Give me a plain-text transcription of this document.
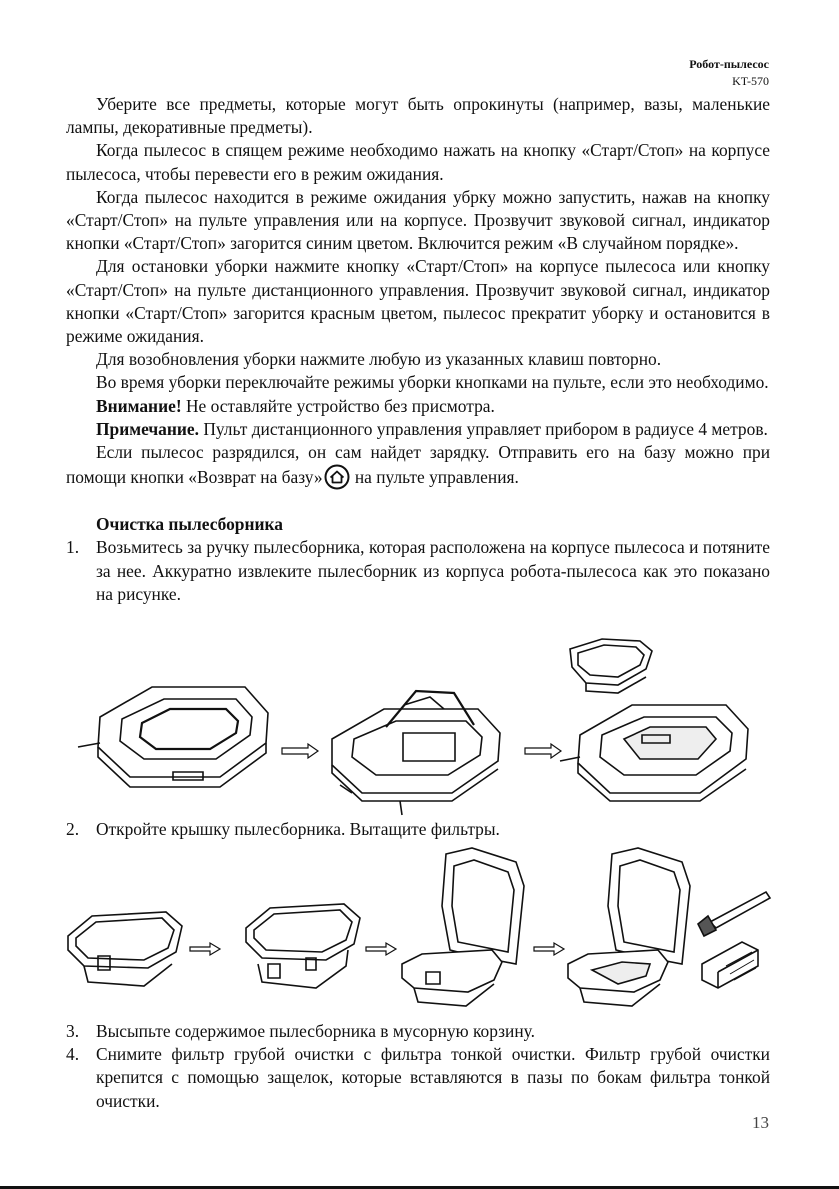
Робот-пылесос
KT-570

Уберите все предметы, которые могут быть опрокинуты (например, вазы, маленькие лампы, декоративные предметы).

Когда пылесос в спящем режиме необходимо нажать на кнопку «Старт/Стоп» на корпусе пылесоса, чтобы перевести его в режим ожидания.

Когда пылесос находится в режиме ожидания убрку можно запустить, нажав на кнопку «Старт/Стоп» на пульте управления или на корпусе. Прозвучит звуковой сигнал, индикатор кнопки «Старт/Стоп» загорится синим цветом. Включится режим «В случайном порядке».

Для остановки уборки нажмите кнопку «Старт/Стоп» на корпусе пылесоса или кнопку «Старт/Стоп» на пульте дистанционного управления. Прозвучит звуковой сигнал, индикатор кнопки «Старт/Стоп» загорится красным цветом, пылесос прекратит уборку и остановится в режиме ожидания.

Для возобновления уборки нажмите любую из указанных клавиш повторно.

Во время уборки переключайте режимы уборки кнопками на пульте, если это необходимо.

Внимание! Не оставляйте устройство без присмотра.

Примечание. Пульт дистанционного управления управляет прибором в радиусе 4 метров.

Если пылесос разрядился, он сам найдет зарядку. Отправить его на базу можно при помощи кнопки «Возврат на базу» на пульте управления.

Очистка пылесборника

1. Возьмитесь за ручку пылесборника, которая расположена на корпусе пылесоса и потяните за нее. Аккуратно извлеките пылесборник из корпуса робота-пылесоса как это показано на рисунке.
2. Откройте крышку пылесборника. Вытащите фильтры.
3. Высыпьте содержимое пылесборника в мусорную корзину.
4. Снимите фильтр грубой очистки с фильтра тонкой очистки. Фильтр грубой очистки крепится с помощью защелок, которые вставляются в пазы по бокам фильтра тонкой очистки.
13
